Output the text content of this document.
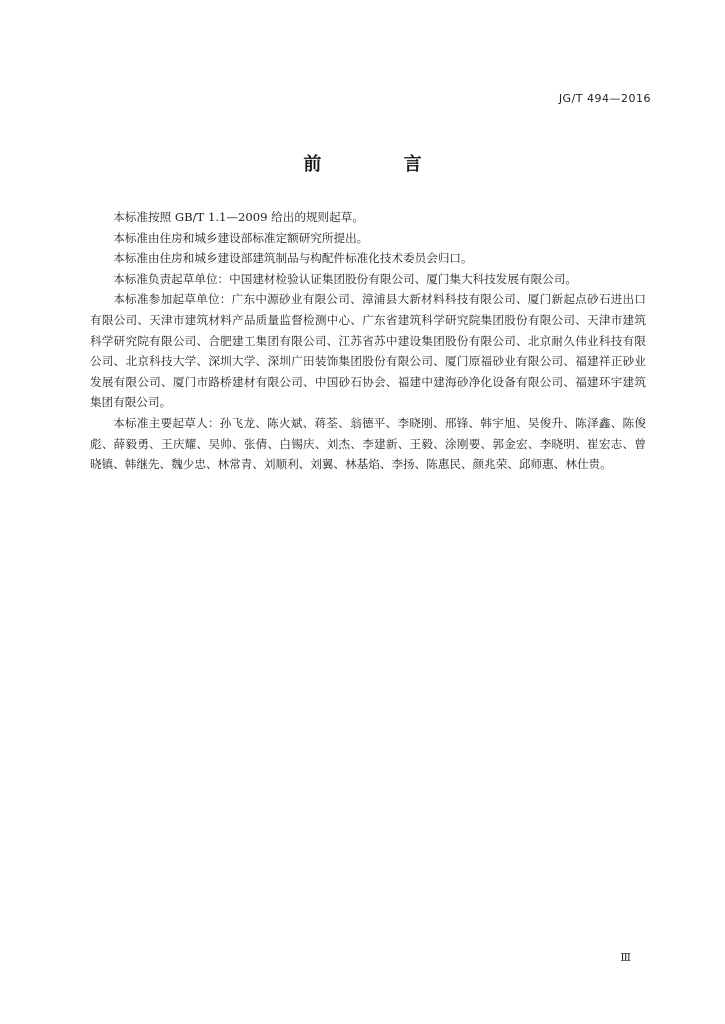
JG/T 494—2016
前 言

本标准按照 GB/T 1.1—2009 给出的规则起草。

本标准由住房和城乡建设部标准定额研究所提出。

本标准由住房和城乡建设部建筑制品与构配件标准化技术委员会归口。

本标准负责起草单位：中国建材检验认证集团股份有限公司、厦门集大科技发展有限公司。

本标准参加起草单位：广东中源砂业有限公司、漳浦县大新材料科技有限公司、厦门新起点砂石进出口有限公司、天津市建筑材料产品质量监督检测中心、广东省建筑科学研究院集团股份有限公司、天津市建筑科学研究院有限公司、合肥建工集团有限公司、江苏省苏中建设集团股份有限公司、北京耐久伟业科技有限公司、北京科技大学、深圳大学、深圳广田装饰集团股份有限公司、厦门原福砂业有限公司、福建祥正砂业发展有限公司、厦门市路桥建材有限公司、中国砂石协会、福建中建海砂净化设备有限公司、福建环宇建筑集团有限公司。

本标准主要起草人：孙飞龙、陈火斌、蒋荃、翁德平、李晓刚、邢锋、韩宇旭、吴俊升、陈泽鑫、陈俊彪、薛毅勇、王庆耀、吴帅、张倩、白锡庆、刘杰、李建新、王毅、涂刚要、郭金宏、李晓明、崔宏志、曾晓镇、韩继先、魏少忠、林常青、刘顺利、刘翼、林基焰、李扬、陈惠民、颜兆荣、邱师惠、林仕贵。

Ⅲ
